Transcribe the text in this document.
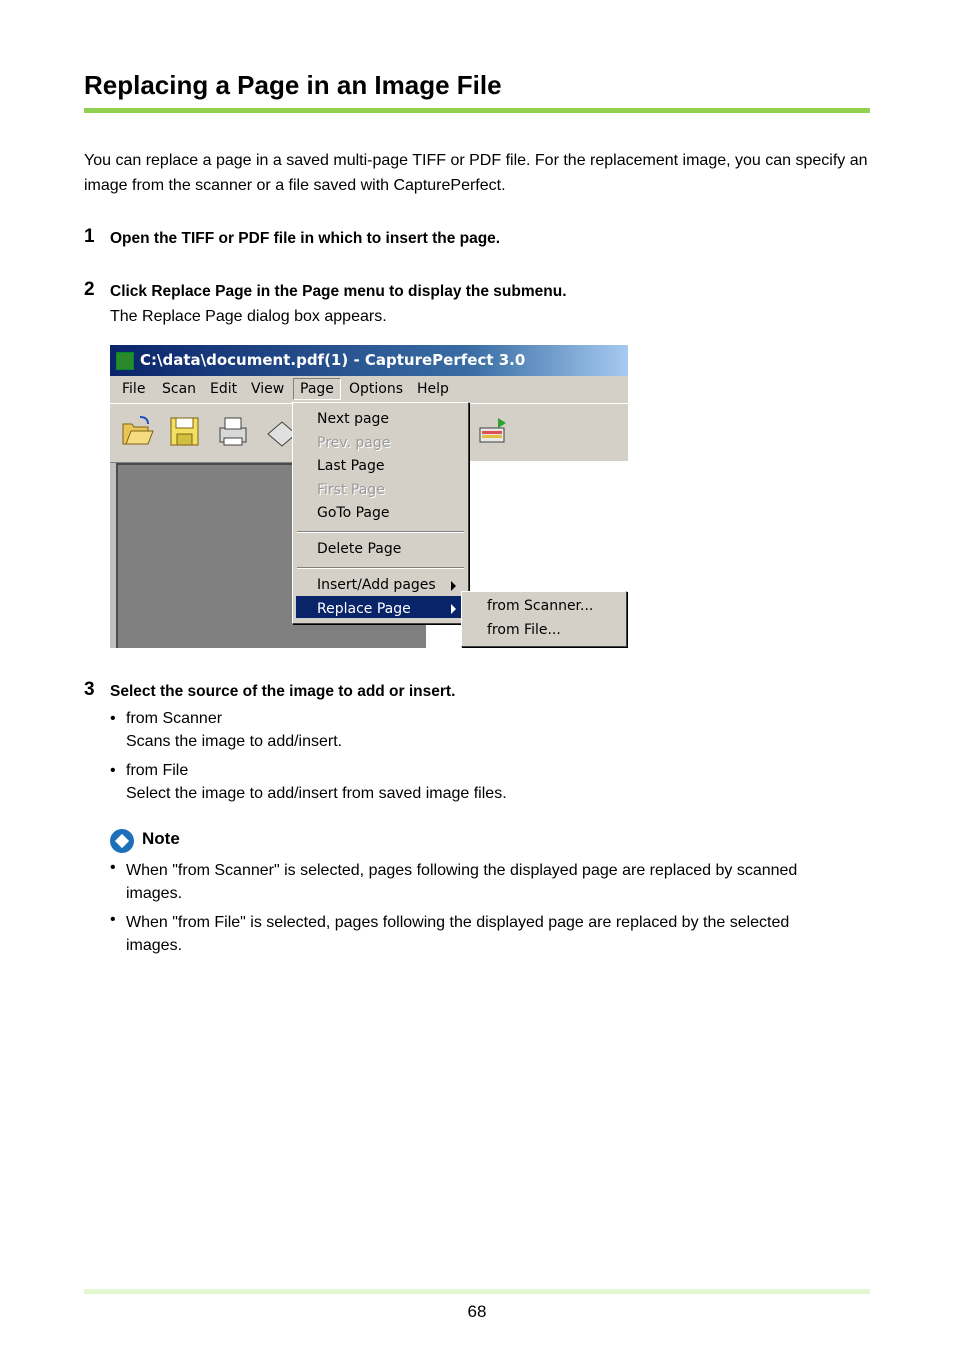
Replacing a Page in an Image File
You can replace a page in a saved multi-page TIFF or PDF file. For the replacement image, you can specify an image from the scanner or a file saved with CapturePerfect.
1 Open the TIFF or PDF file in which to insert the page.
2 Click Replace Page in the Page menu to display the submenu.
The Replace Page dialog box appears.
C:\data\document.pdf(1) - CapturePerfect 3.0
File Scan Edit View	Page	Options Help
Next page
Prev. page
Last Page
First Page
GoTo Page
Delete Page
Insert/Add pages
Replace Page	from Scanner...
from File...
3 Select the source of the image to add or insert.
• from Scanner
Scans the image to add/insert.
• from File
Select the image to add/insert from saved image files.
Note
• When "from Scanner" is selected, pages following the displayed page are replaced by scanned images.
• When "from File" is selected, pages following the displayed page are replaced by the selected images.
68
